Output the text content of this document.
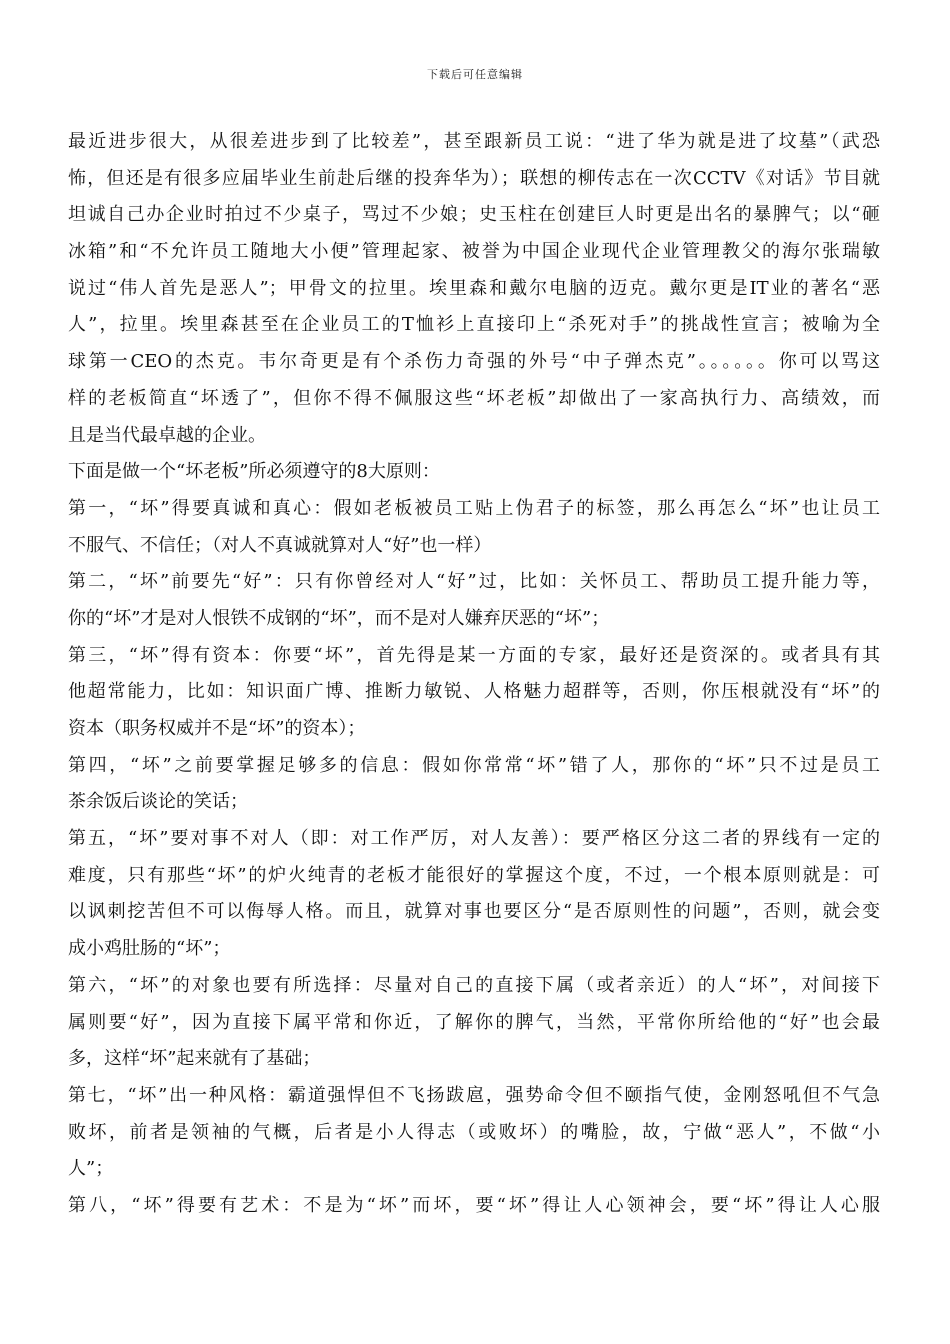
下载后可任意编辑
最近进步很大，从很差进步到了比较差”，甚至跟新员工说：“进了华为就是进了坟墓”（武恐
怖，但还是有很多应届毕业生前赴后继的投奔华为）；联想的柳传志在一次CCTV《对话》节目就
坦诚自己办企业时拍过不少桌子，骂过不少娘；史玉柱在创建巨人时更是出名的暴脾气；以“砸
冰箱”和“不允许员工随地大小便”管理起家、被誉为中国企业现代企业管理教父的海尔张瑞敏
说过“伟人首先是恶人”；甲骨文的拉里。埃里森和戴尔电脑的迈克。戴尔更是IT业的著名“恶
人”，拉里。埃里森甚至在企业员工的T恤衫上直接印上“杀死对手”的挑战性宣言；被喻为全
球第一CEO的杰克。韦尔奇更是有个杀伤力奇强的外号“中子弹杰克”。。。。。。你可以骂这
样的老板简直“坏透了”，但你不得不佩服这些“坏老板”却做出了一家高执行力、高绩效，而
且是当代最卓越的企业。
下面是做一个“坏老板”所必须遵守的8大原则：
第一，“坏”得要真诚和真心：假如老板被员工贴上伪君子的标签，那么再怎么“坏”也让员工
不服气、不信任；（对人不真诚就算对人“好”也一样）
第二，“坏”前要先“好”：只有你曾经对人“好”过，比如：关怀员工、帮助员工提升能力等，
你的“坏”才是对人恨铁不成钢的“坏”，而不是对人嫌弃厌恶的“坏”；
第三，“坏”得有资本：你要“坏”，首先得是某一方面的专家，最好还是资深的。或者具有其
他超常能力，比如：知识面广博、推断力敏锐、人格魅力超群等，否则，你压根就没有“坏”的
资本（职务权威并不是“坏”的资本）；
第四，“坏”之前要掌握足够多的信息：假如你常常“坏”错了人，那你的“坏”只不过是员工
茶余饭后谈论的笑话；
第五，“坏”要对事不对人（即：对工作严厉，对人友善）：要严格区分这二者的界线有一定的
难度，只有那些“坏”的炉火纯青的老板才能很好的掌握这个度，不过，一个根本原则就是：可
以讽刺挖苦但不可以侮辱人格。而且，就算对事也要区分“是否原则性的问题”，否则，就会变
成小鸡肚肠的“坏”；
第六，“坏”的对象也要有所选择：尽量对自己的直接下属（或者亲近）的人“坏”，对间接下
属则要“好”，因为直接下属平常和你近，了解你的脾气，当然，平常你所给他的“好”也会最
多，这样“坏”起来就有了基础；
第七，“坏”出一种风格：霸道强悍但不飞扬跋扈，强势命令但不颐指气使，金刚怒吼但不气急
败坏，前者是领袖的气概，后者是小人得志（或败坏）的嘴脸，故，宁做“恶人”，不做“小
人”；
第八，“坏”得要有艺术：不是为“坏”而坏，要“坏”得让人心领神会，要“坏”得让人心服
